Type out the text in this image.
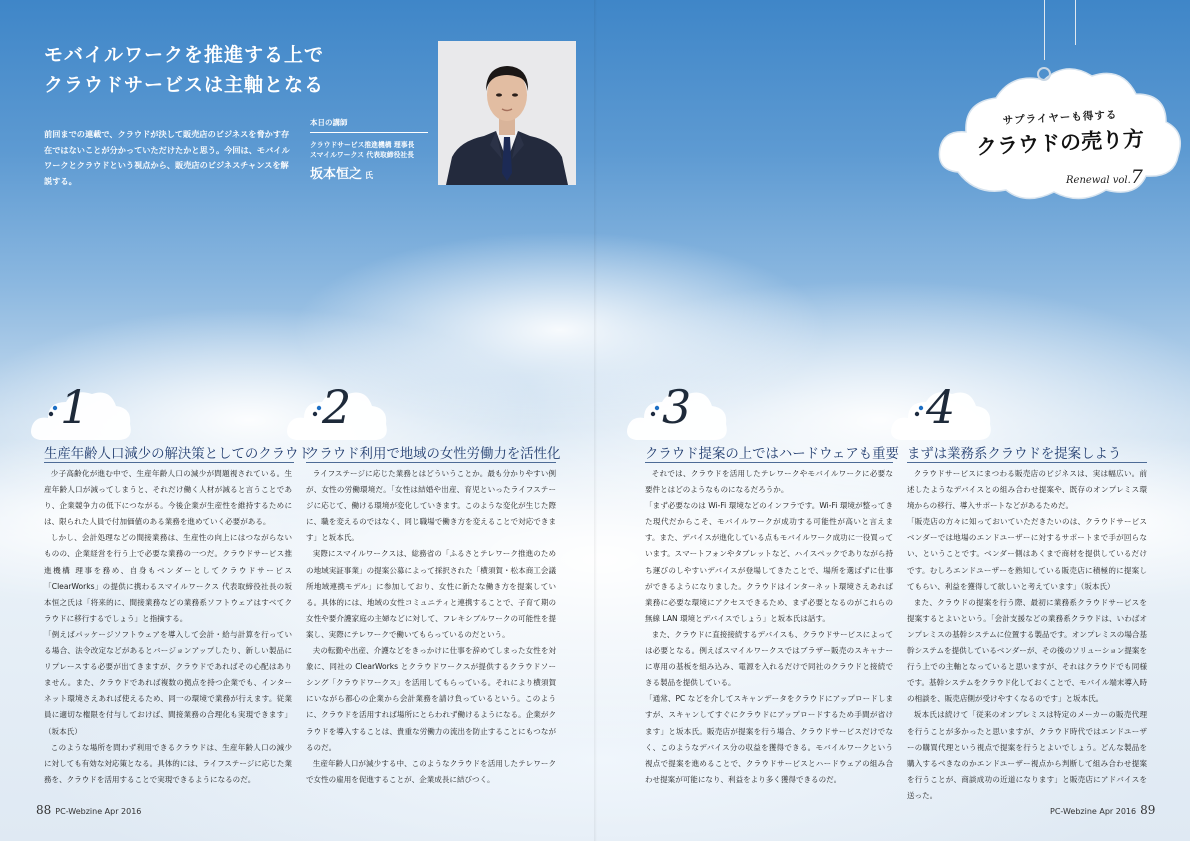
モバイルワークを推進する上で
クラウドサービスは主軸となる

前回までの連載で、クラウドが決して販売店のビジネスを脅かす存在ではないことが分かっていただけたかと思う。今回は、モバイルワークとクラウドという視点から、販売店のビジネスチャンスを解説する。

本日の講師
クラウドサービス推進機構 理事長
スマイルワークス 代表取締役社長
坂本恒之 氏
サプライヤーも得する
クラウドの売り方
Renewal vol.7
1
生産年齢人口減少の解決策としてのクラウド

少子高齢化が進む中で、生産年齢人口の減少が問題視されている。生産年齢人口が減ってしまうと、それだけ働く人材が減ると言うことであり、企業競争力の低下につながる。今後企業が生産性を維持するためには、限られた人員で付加価値のある業務を進めていく必要がある。

しかし、会計処理などの間接業務は、生産性の向上にはつながらないものの、企業経営を行う上で必要な業務の一つだ。クラウドサービス推進機構 理事を務め、自身もベンダーとしてクラウドサービス「ClearWorks」の提供に携わるスマイルワークス 代表取締役社長の坂本恒之氏は「将来的に、間接業務などの業務系ソフトウェアはすべてクラウドに移行するでしょう」と指摘する。

「例えばパッケージソフトウェアを導入して会計・給与計算を行っている場合、法令改定などがあるとバージョンアップしたり、新しい製品にリプレースする必要が出てきますが、クラウドであればその心配はありません。また、クラウドであれば複数の拠点を持つ企業でも、インターネット環境さえあれば使えるため、同一の環境で業務が行えます。従業員に適切な権限を付与しておけば、間接業務の合理化も実現できます」（坂本氏）

このような場所を問わず利用できるクラウドは、生産年齢人口の減少に対しても有効な対応策となる。具体的には、ライフステージに応じた業務を、クラウドを活用することで実現できるようになるのだ。

2
クラウド利用で地域の女性労働力を活性化

ライフステージに応じた業務とはどういうことか。最も分かりやすい例が、女性の労働環境だ。「女性は結婚や出産、育児といったライフステージに応じて、働ける環境が変化していきます。このような変化が生じた際に、職を変えるのではなく、同じ職場で働き方を変えることで対応できます」と坂本氏。

実際にスマイルワークスは、総務省の「ふるさとテレワーク推進のための地域実証事業」の提案公募によって採択された「横須賀・松本商工会議所地域連携モデル」に参加しており、女性に新たな働き方を提案している。具体的には、地域の女性コミュニティと連携することで、子育て期の女性や要介護家庭の主婦などに対して、フレキシブルワークの可能性を提案し、実際にテレワークで働いてもらっているのだという。

夫の転勤や出産、介護などをきっかけに仕事を辞めてしまった女性を対象に、同社の ClearWorks とクラウドワークスが提供するクラウドソーシング「クラウドワークス」を活用してもらっている。それにより横須賀にいながら都心の企業から会計業務を請け負っているという。このように、クラウドを活用すれば場所にとらわれず働けるようになる。企業がクラウドを導入することは、貴重な労働力の流出を防止することにもつながるのだ。

生産年齢人口が減少する中、このようなクラウドを活用したテレワークで女性の雇用を促進することが、企業成長に結びつく。

3
クラウド提案の上ではハードウェアも重要

それでは、クラウドを活用したテレワークやモバイルワークに必要な要件とはどのようなものになるだろうか。

「まず必要なのは Wi-Fi 環境などのインフラです。Wi-Fi 環境が整ってきた現代だからこそ、モバイルワークが成功する可能性が高いと言えます。また、デバイスが進化している点もモバイルワーク成功に一役買っています。スマートフォンやタブレットなど、ハイスペックでありながら持ち運びのしやすいデバイスが登場してきたことで、場所を選ばずに仕事ができるようになりました。クラウドはインターネット環境さえあれば業務に必要な環境にアクセスできるため、まず必要となるのがこれらの無線 LAN 環境とデバイスでしょう」と坂本氏は話す。

また、クラウドに直接接続するデバイスも、クラウドサービスによっては必要となる。例えばスマイルワークスではブラザー販売のスキャナーに専用の基板を組み込み、電源を入れるだけで同社のクラウドと接続できる製品を提供している。

「通常、PC などを介してスキャンデータをクラウドにアップロードしますが、スキャンしてすぐにクラウドにアップロードするため手間が省けます」と坂本氏。販売店が提案を行う場合、クラウドサービスだけでなく、このようなデバイス分の収益を獲得できる。モバイルワークという視点で提案を進めることで、クラウドサービスとハードウェアの組み合わせ提案が可能になり、利益をより多く獲得できるのだ。

4
まずは業務系クラウドを提案しよう

クラウドサービスにまつわる販売店のビジネスは、実は幅広い。前述したようなデバイスとの組み合わせ提案や、既存のオンプレミス環境からの移行、導入サポートなどがあるためだ。

「販売店の方々に知っておいていただきたいのは、クラウドサービスベンダーでは地場のエンドユーザーに対するサポートまで手が回らない、ということです。ベンダー側はあくまで商材を提供しているだけです。むしろエンドユーザーを熟知している販売店に積極的に提案してもらい、利益を獲得して欲しいと考えています」（坂本氏）

また、クラウドの提案を行う際、最初に業務系クラウドサービスを提案するとよいという。「会計支援などの業務系クラウドは、いわばオンプレミスの基幹システムに位置する製品です。オンプレミスの場合基幹システムを提供しているベンダーが、その後のソリューション提案を行う上での主軸となっていると思いますが、それはクラウドでも同様です。基幹システムをクラウド化しておくことで、モバイル端末導入時の相談を、販売店側が受けやすくなるのです」と坂本氏。

坂本氏は続けて「従来のオンプレミスは特定のメーカーの販売代理を行うことが多かったと思いますが、クラウド時代ではエンドユーザーの購買代理という視点で提案を行うとよいでしょう。どんな製品を購入するべきなのかエンドユーザー視点から判断して組み合わせ提案を行うことが、商談成功の近道になります」と販売店にアドバイスを送った。

88 PC-Webzine Apr 2016	PC-Webzine Apr 2016 89
